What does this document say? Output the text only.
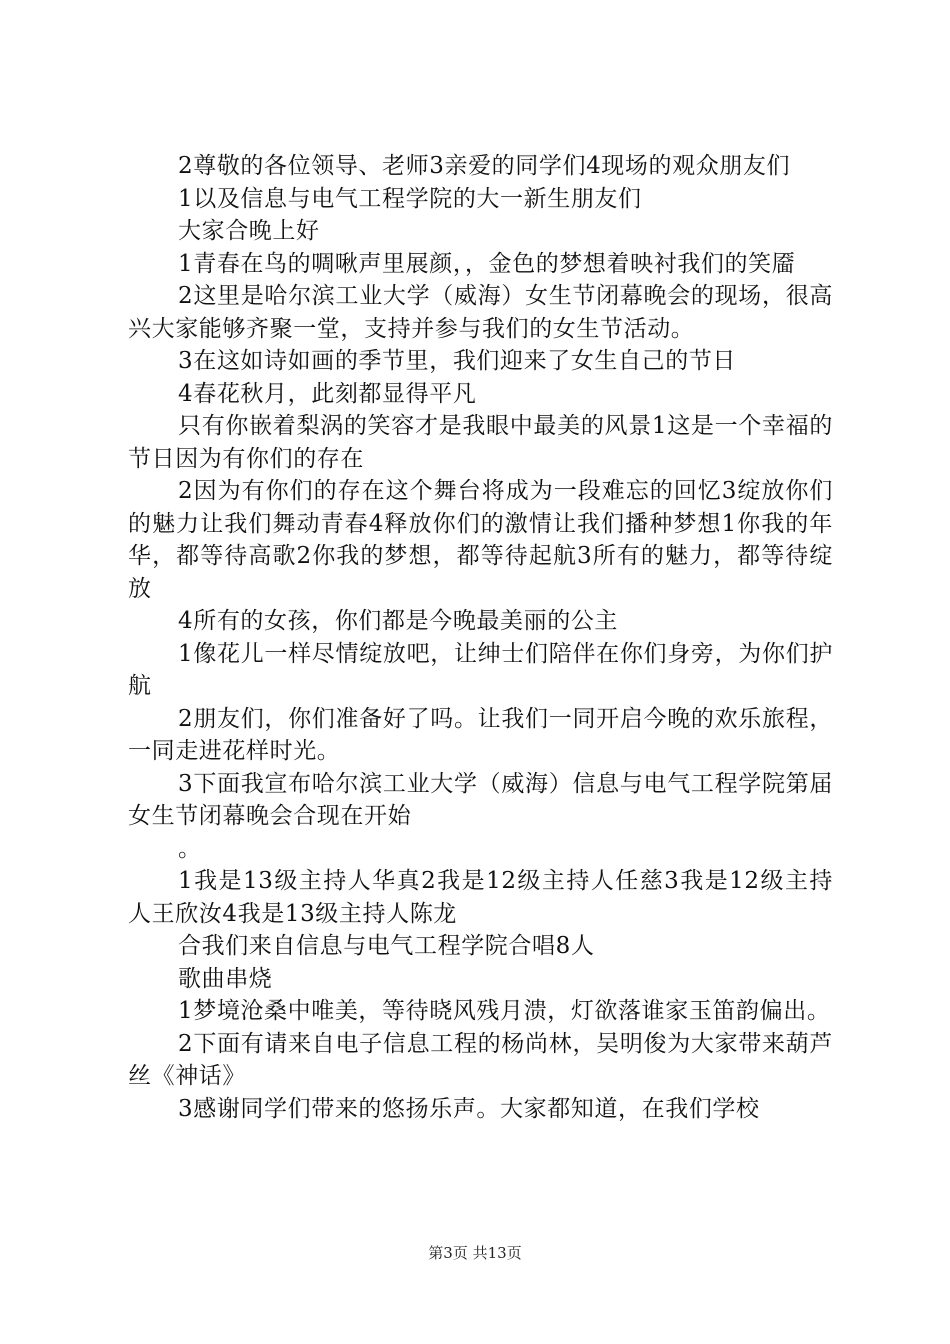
2尊敬的各位领导、老师3亲爱的同学们4现场的观众朋友们

1以及信息与电气工程学院的大一新生朋友们

大家合晚上好

1青春在鸟的啁啾声里展颜，，金色的梦想着映衬我们的笑靥

2这里是哈尔滨工业大学（威海）女生节闭幕晚会的现场，很高兴大家能够齐聚一堂，支持并参与我们的女生节活动。

3在这如诗如画的季节里，我们迎来了女生自己的节日

4春花秋月，此刻都显得平凡

只有你嵌着梨涡的笑容才是我眼中最美的风景1这是一个幸福的节日因为有你们的存在

2因为有你们的存在这个舞台将成为一段难忘的回忆3绽放你们的魅力让我们舞动青春4释放你们的激情让我们播种梦想1你我的年华，都等待高歌2你我的梦想，都等待起航3所有的魅力，都等待绽放

4所有的女孩，你们都是今晚最美丽的公主

1像花儿一样尽情绽放吧，让绅士们陪伴在你们身旁，为你们护航

2朋友们，你们准备好了吗。让我们一同开启今晚的欢乐旅程，一同走进花样时光。

3下面我宣布哈尔滨工业大学（威海）信息与电气工程学院第届女生节闭幕晚会合现在开始

。

1我是13级主持人华真2我是12级主持人任慈3我是12级主持人王欣汝4我是13级主持人陈龙

合我们来自信息与电气工程学院合唱8人

歌曲串烧

1梦境沧桑中唯美，等待晓风残月溃，灯欲落谁家玉笛韵偏出。

2下面有请来自电子信息工程的杨尚林，吴明俊为大家带来葫芦丝《神话》

3感谢同学们带来的悠扬乐声。大家都知道，在我们学校

第3页 共13页
